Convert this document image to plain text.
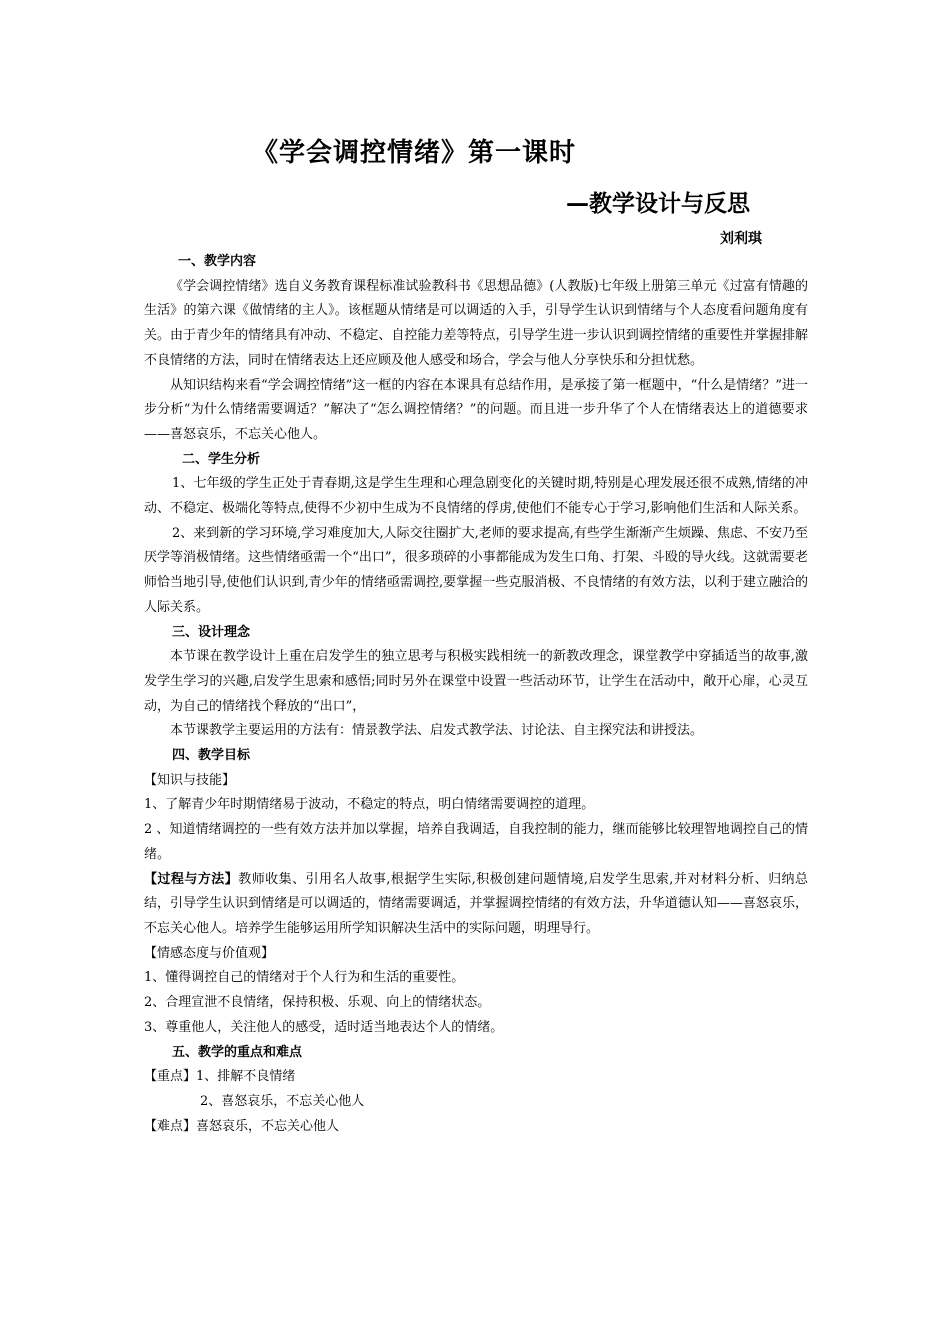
《学会调控情绪》第一课时
—教学设计与反思
刘利琪

一、教学内容

《学会调控情绪》选自义务教育课程标准试验教科书《思想品德》(人教版)七年级上册第三单元《过富有情趣的生活》的第六课《做情绪的主人》。该框题从情绪是可以调适的入手，引导学生认识到情绪与个人态度看问题角度有关。由于青少年的情绪具有冲动、不稳定、自控能力差等特点，引导学生进一步认识到调控情绪的重要性并掌握排解不良情绪的方法，同时在情绪表达上还应顾及他人感受和场合，学会与他人分享快乐和分担忧愁。

从知识结构来看“学会调控情绪”这一框的内容在本课具有总结作用，是承接了第一框题中，“什么是情绪？”进一步分析“为什么情绪需要调适？”解决了“怎么调控情绪？”的问题。而且进一步升华了个人在情绪表达上的道德要求——喜怒哀乐，不忘关心他人。

二、学生分析

1、七年级的学生正处于青春期,这是学生生理和心理急剧变化的关键时期,特别是心理发展还很不成熟,情绪的冲动、不稳定、极端化等特点,使得不少初中生成为不良情绪的俘虏,使他们不能专心于学习,影响他们生活和人际关系。

2、来到新的学习环境,学习难度加大,人际交往圈扩大,老师的要求提高,有些学生渐渐产生烦躁、焦虑、不安乃至厌学等消极情绪。这些情绪亟需一个“出口”，很多琐碎的小事都能成为发生口角、打架、斗殴的导火线。这就需要老师恰当地引导,使他们认识到,青少年的情绪亟需调控,要掌握一些克服消极、不良情绪的有效方法，以利于建立融洽的人际关系。

三、设计理念

本节课在教学设计上重在启发学生的独立思考与积极实践相统一的新教改理念，课堂教学中穿插适当的故事,激发学生学习的兴趣,启发学生思索和感悟;同时另外在课堂中设置一些活动环节，让学生在活动中，敞开心扉，心灵互动，为自己的情绪找个释放的“出口”，

本节课教学主要运用的方法有：情景教学法、启发式教学法、讨论法、自主探究法和讲授法。

四、教学目标

【知识与技能】

1、了解青少年时期情绪易于波动，不稳定的特点，明白情绪需要调控的道理。

2 、知道情绪调控的一些有效方法并加以掌握，培养自我调适，自我控制的能力，继而能够比较理智地调控自己的情绪。

【过程与方法】教师收集、引用名人故事,根据学生实际,积极创建问题情境,启发学生思索,并对材料分析、归纳总结，引导学生认识到情绪是可以调适的，情绪需要调适，并掌握调控情绪的有效方法，升华道德认知——喜怒哀乐，不忘关心他人。培养学生能够运用所学知识解决生活中的实际问题，明理导行。

【情感态度与价值观】

1、懂得调控自己的情绪对于个人行为和生活的重要性。

2、合理宣泄不良情绪，保持积极、乐观、向上的情绪状态。

3、尊重他人，关注他人的感受，适时适当地表达个人的情绪。

五、教学的重点和难点

【重点】1、排解不良情绪

2、喜怒哀乐，不忘关心他人

【难点】喜怒哀乐，不忘关心他人
